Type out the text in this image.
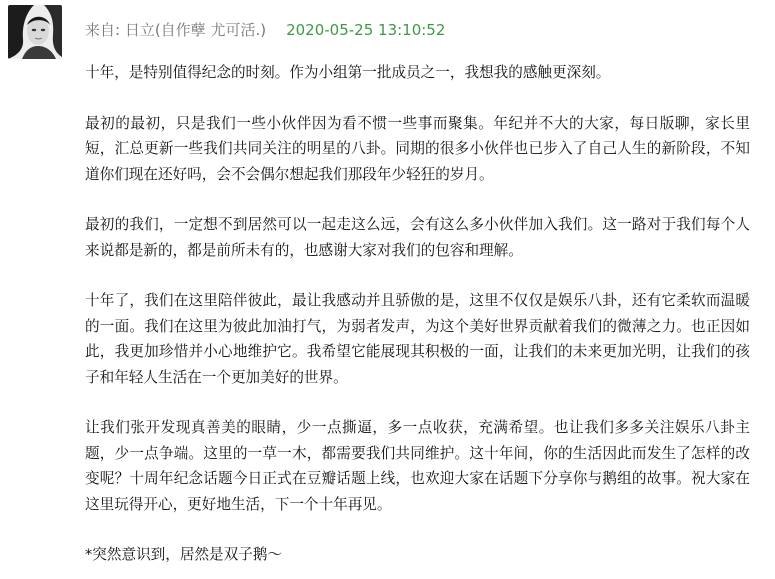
来自: 日立(自作孽 尤可活.) 2020-05-25 13:10:52

十年，是特别值得纪念的时刻。作为小组第一批成员之一，我想我的感触更深刻。

最初的最初，只是我们一些小伙伴因为看不惯一些事而聚集。年纪并不大的大家，每日版聊，家长里短，汇总更新一些我们共同关注的明星的八卦。同期的很多小伙伴也已步入了自己人生的新阶段，不知道你们现在还好吗，会不会偶尔想起我们那段年少轻狂的岁月。

最初的我们，一定想不到居然可以一起走这么远，会有这么多小伙伴加入我们。这一路对于我们每个人来说都是新的，都是前所未有的，也感谢大家对我们的包容和理解。

十年了，我们在这里陪伴彼此，最让我感动并且骄傲的是，这里不仅仅是娱乐八卦，还有它柔软而温暖的一面。我们在这里为彼此加油打气，为弱者发声，为这个美好世界贡献着我们的微薄之力。也正因如此，我更加珍惜并小心地维护它。我希望它能展现其积极的一面，让我们的未来更加光明，让我们的孩子和年轻人生活在一个更加美好的世界。

让我们张开发现真善美的眼睛，少一点撕逼，多一点收获，充满希望。也让我们多多关注娱乐八卦主题，少一点争端。这里的一草一木，都需要我们共同维护。这十年间，你的生活因此而发生了怎样的改变呢？十周年纪念话题今日正式在豆瓣话题上线，也欢迎大家在话题下分享你与鹅组的故事。祝大家在这里玩得开心，更好地生活，下一个十年再见。

*突然意识到，居然是双子鹅～
